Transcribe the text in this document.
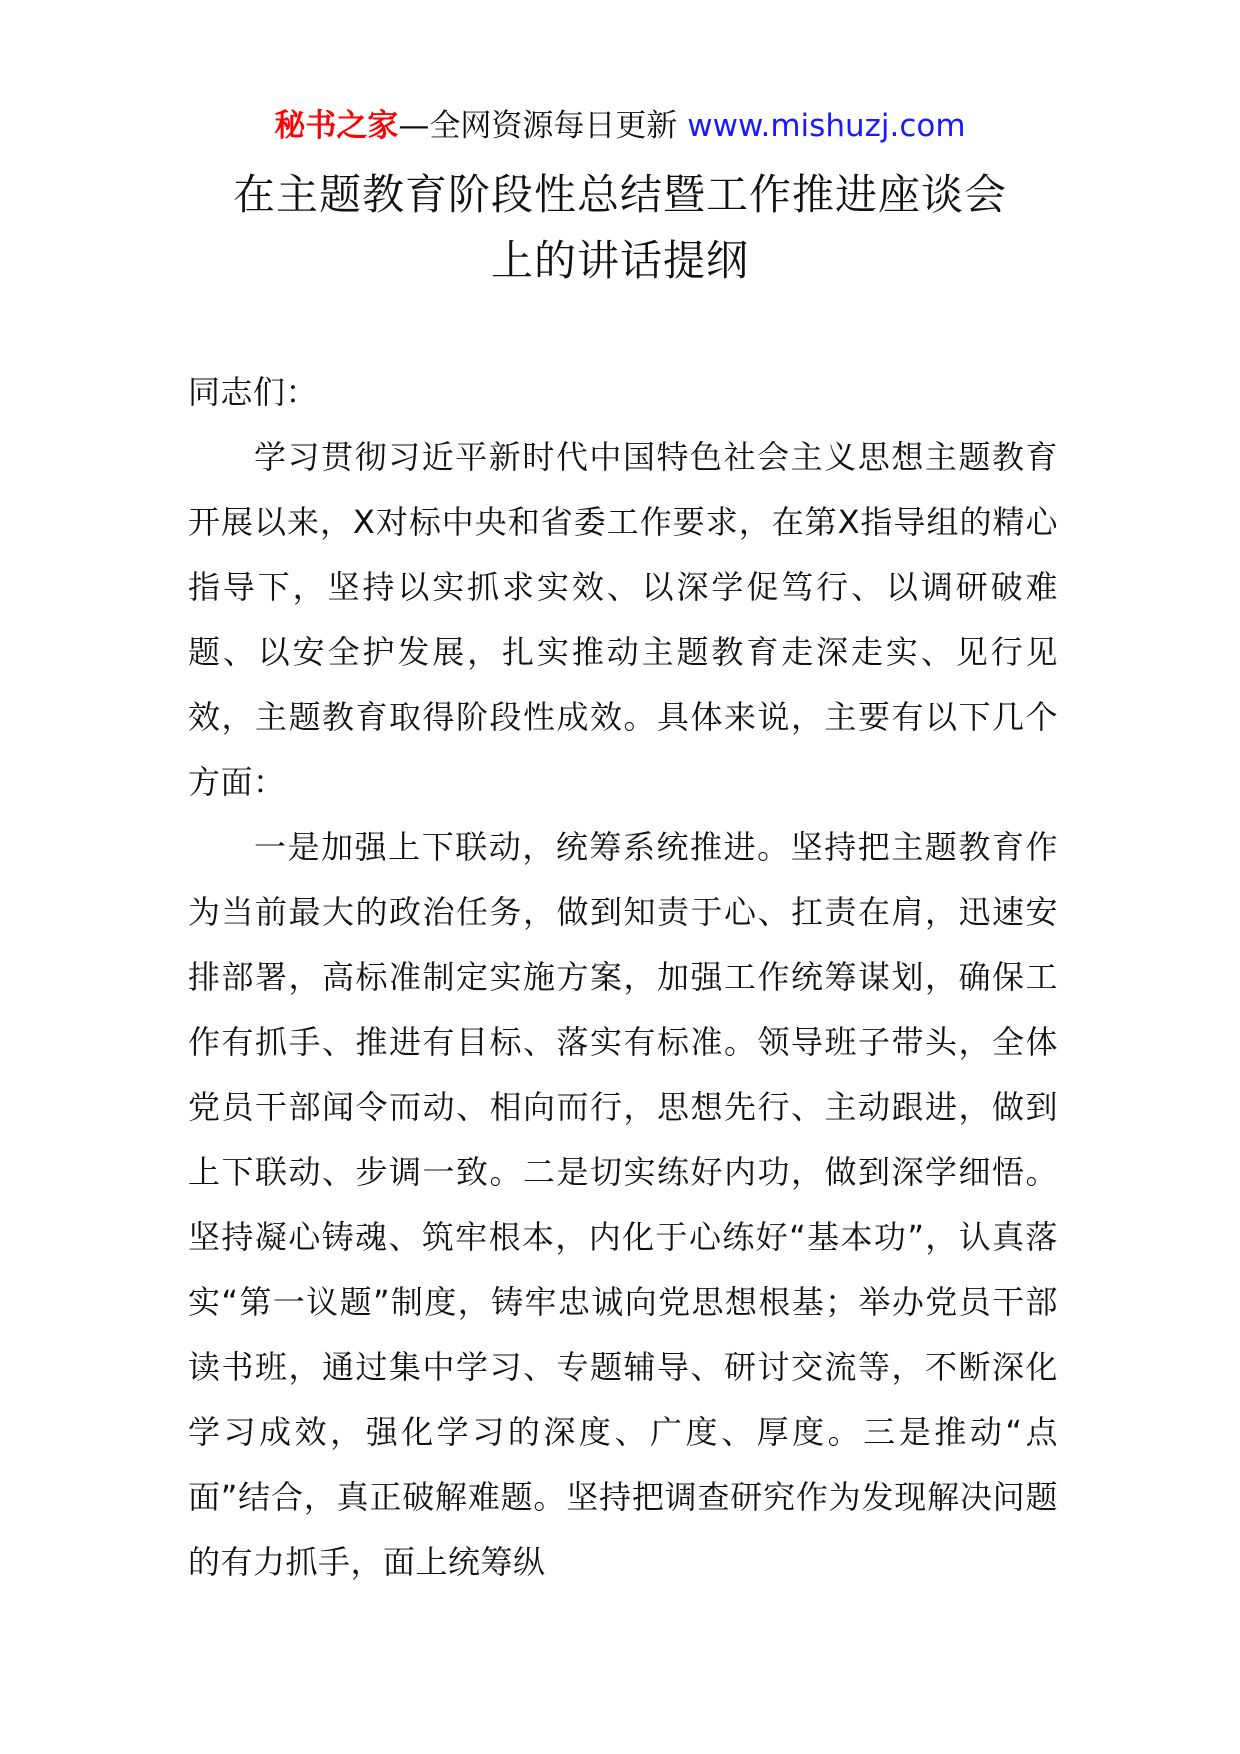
秘书之家—全网资源每日更新 www.mishuzj.com
在主题教育阶段性总结暨工作推进座谈会
上的讲话提纲

同志们：

学习贯彻习近平新时代中国特色社会主义思想主题教育开展以来，X对标中央和省委工作要求，在第X指导组的精心指导下，坚持以实抓求实效、以深学促笃行、以调研破难题、以安全护发展，扎实推动主题教育走深走实、见行见效，主题教育取得阶段性成效。具体来说，主要有以下几个方面：

一是加强上下联动，统筹系统推进。坚持把主题教育作为当前最大的政治任务，做到知责于心、扛责在肩，迅速安排部署，高标准制定实施方案，加强工作统筹谋划，确保工作有抓手、推进有目标、落实有标准。领导班子带头，全体党员干部闻令而动、相向而行，思想先行、主动跟进，做到上下联动、步调一致。二是切实练好内功，做到深学细悟。坚持凝心铸魂、筑牢根本，内化于心练好“基本功”，认真落实“第一议题”制度，铸牢忠诚向党思想根基；举办党员干部读书班，通过集中学习、专题辅导、研讨交流等，不断深化学习成效，强化学习的深度、广度、厚度。三是推动“点面”结合，真正破解难题。坚持把调查研究作为发现解决问题的有力抓手，面上统筹纵
